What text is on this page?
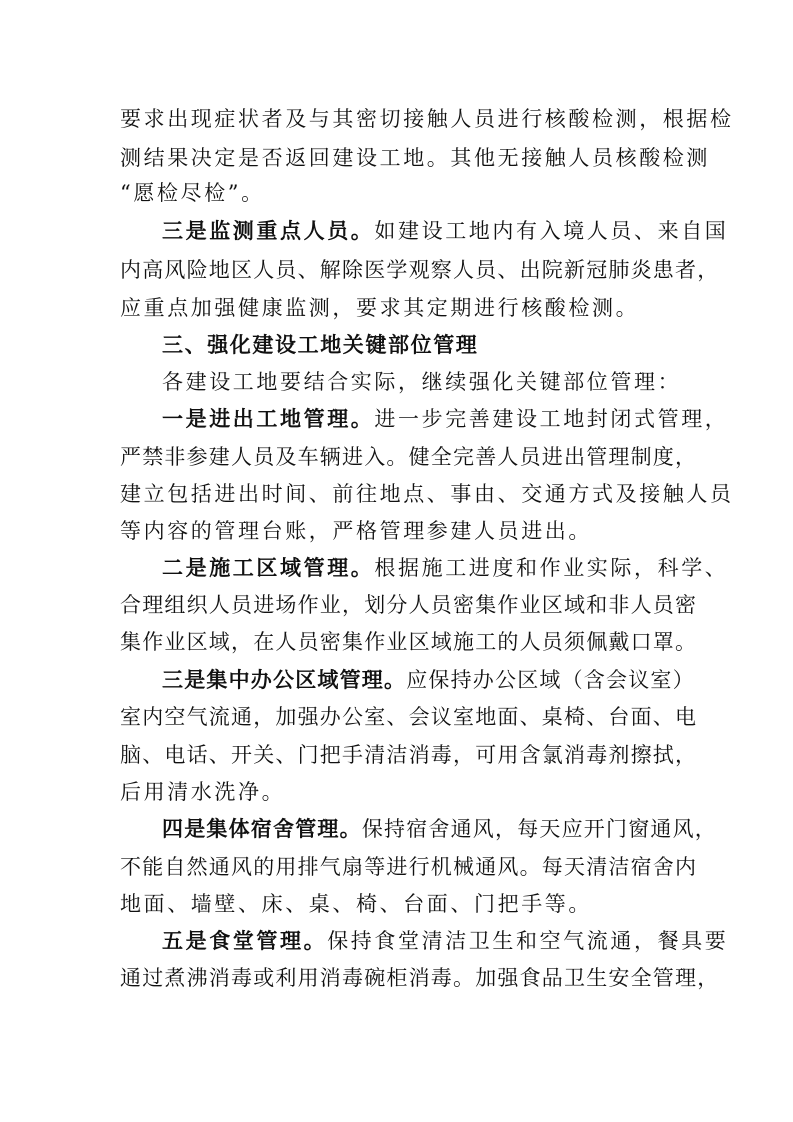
要求出现症状者及与其密切接触人员进行核酸检测，根据检
测结果决定是否返回建设工地。其他无接触人员核酸检测
“愿检尽检”。
三是监测重点人员。如建设工地内有入境人员、来自国
内高风险地区人员、解除医学观察人员、出院新冠肺炎患者，
应重点加强健康监测，要求其定期进行核酸检测。
三、强化建设工地关键部位管理
各建设工地要结合实际，继续强化关键部位管理：
一是进出工地管理。进一步完善建设工地封闭式管理，
严禁非参建人员及车辆进入。健全完善人员进出管理制度，
建立包括进出时间、前往地点、事由、交通方式及接触人员
等内容的管理台账，严格管理参建人员进出。
二是施工区域管理。根据施工进度和作业实际，科学、
合理组织人员进场作业，划分人员密集作业区域和非人员密
集作业区域，在人员密集作业区域施工的人员须佩戴口罩。
三是集中办公区域管理。应保持办公区域（含会议室）
室内空气流通，加强办公室、会议室地面、桌椅、台面、电
脑、电话、开关、门把手清洁消毒，可用含氯消毒剂擦拭，
后用清水洗净。
四是集体宿舍管理。保持宿舍通风，每天应开门窗通风，
不能自然通风的用排气扇等进行机械通风。每天清洁宿舍内
地面、墙壁、床、桌、椅、台面、门把手等。
五是食堂管理。保持食堂清洁卫生和空气流通，餐具要
通过煮沸消毒或利用消毒碗柜消毒。加强食品卫生安全管理，
